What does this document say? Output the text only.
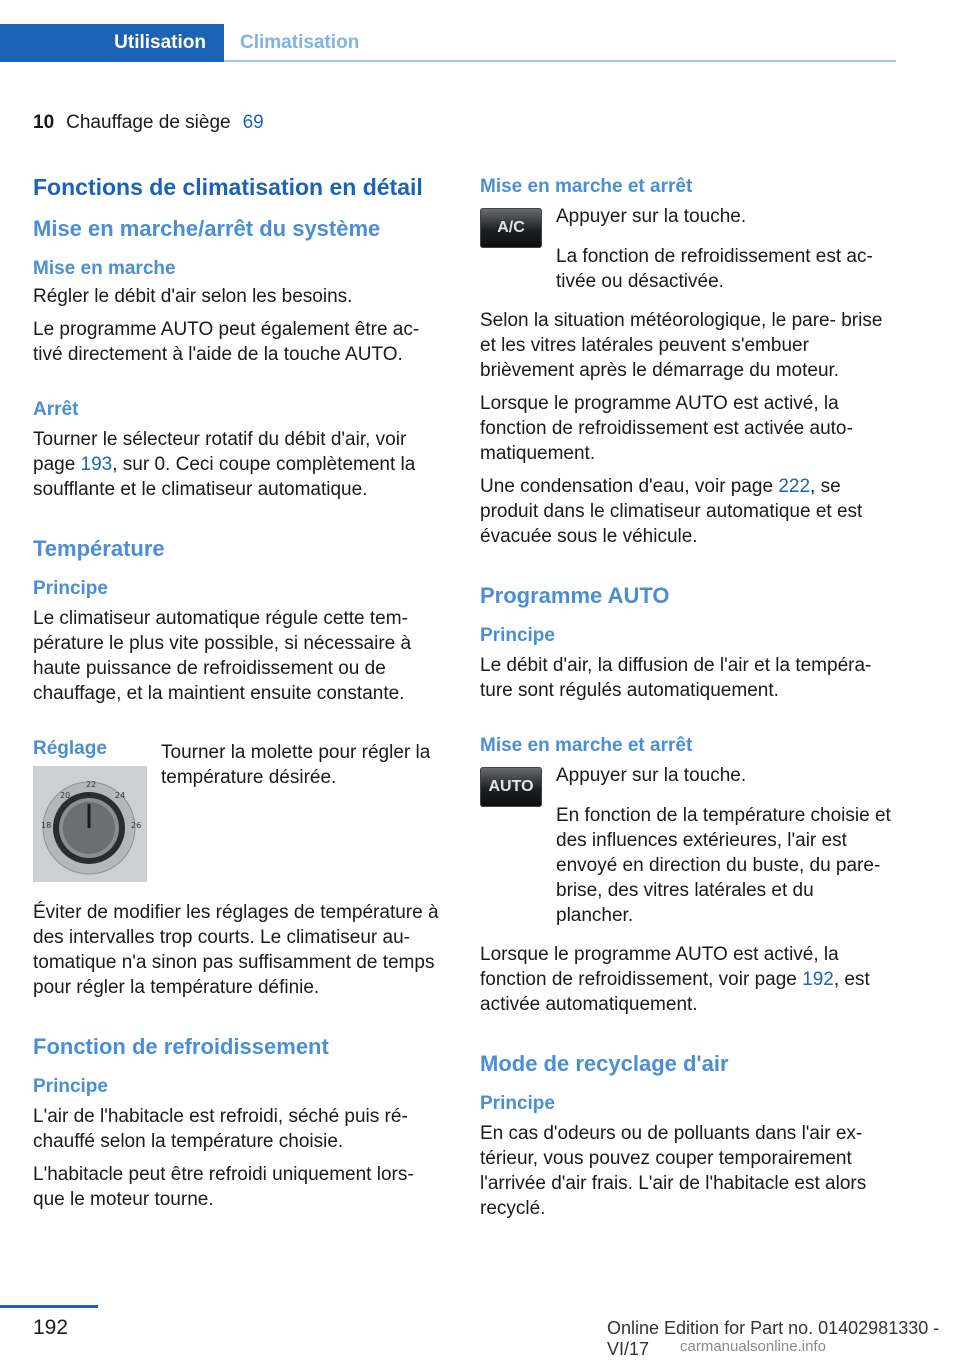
Utilisation Climatisation
10 Chauffage de siège 69
Fonctions de climatisation en détail
Mise en marche/arrêt du système
Mise en marche

Régler le débit d'air selon les besoins.

Le programme AUTO peut également être ac‐ tivé directement à l'aide de la touche AUTO.

Arrêt

Tourner le sélecteur rotatif du débit d'air, voir page 193, sur 0. Ceci coupe complètement la soufflante et le climatiseur automatique.

Température
Principe

Le climatiseur automatique régule cette tem‐ pérature le plus vite possible, si nécessaire à haute puissance de refroidissement ou de chauffage, et la maintient ensuite constante.

Réglage
20
22
24
18	26

Tourner la molette pour régler la température désirée.

Éviter de modifier les réglages de température à des intervalles trop courts. Le climatiseur au‐ tomatique n'a sinon pas suffisamment de temps pour régler la température définie.

Fonction de refroidissement
Principe

L'air de l'habitacle est refroidi, séché puis ré‐ chauffé selon la température choisie.

L'habitacle peut être refroidi uniquement lors‐ que le moteur tourne.

Mise en marche et arrêt
A/C

Appuyer sur la touche.

La fonction de refroidissement est ac‐ tivée ou désactivée.

Selon la situation météorologique, le pare- brise et les vitres latérales peuvent s'embuer brièvement après le démarrage du moteur.

Lorsque le programme AUTO est activé, la fonction de refroidissement est activée auto‐ matiquement.

Une condensation d'eau, voir page 222, se produit dans le climatiseur automatique et est évacuée sous le véhicule.

Programme AUTO
Principe

Le débit d'air, la diffusion de l'air et la tempéra‐ ture sont régulés automatiquement.

Mise en marche et arrêt
AUTO

Appuyer sur la touche.

En fonction de la température choisie et des influences extérieures, l'air est envoyé en direction du buste, du pare-brise, des vitres latérales et du plancher.

Lorsque le programme AUTO est activé, la fonction de refroidissement, voir page 192, est activée automatiquement.

Mode de recyclage d'air
Principe

En cas d'odeurs ou de polluants dans l'air ex‐ térieur, vous pouvez couper temporairement l'arrivée d'air frais. L'air de l'habitacle est alors recyclé.

192	Online Edition for Part no. 01402981330 - VI/17	carmanualsonline.info
